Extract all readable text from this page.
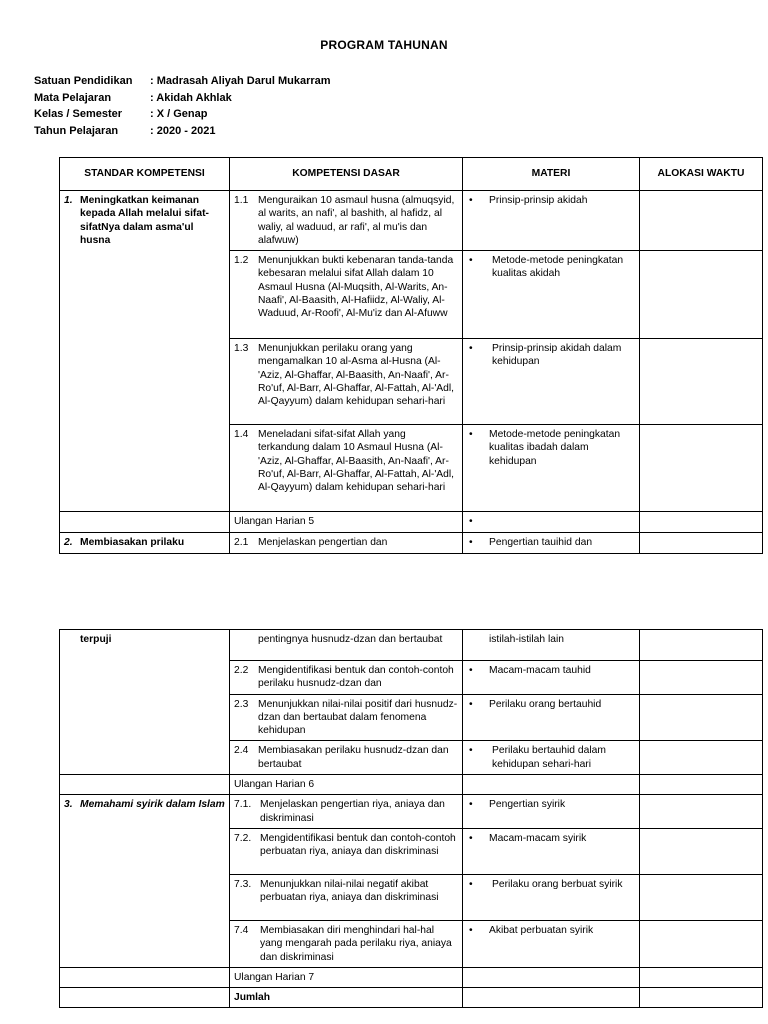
PROGRAM TAHUNAN
Satuan Pendidikan	: Madrasah Aliyah Darul Mukarram
Mata Pelajaran	: Akidah Akhlak
Kelas / Semester	: X / Genap
Tahun Pelajaran	: 2020 - 2021
STANDAR KOMPETENSI	KOMPETENSI DASAR	MATERI	ALOKASI WAKTU

1. Meningkatkan keimanan kepada Allah melalui sifat-sifatNya dalam asma'ul husna	1.1 Menguraikan 10 asmaul husna (almuqsyid, al warits, an nafi', al bashith, al hafidz, al waliy, al waduud, ar rafi', al mu'is dan alafwuw)	• Prinsip-prinsip akidah	

	1.2 Menunjukkan bukti kebenaran tanda-tanda kebesaran melalui sifat Allah dalam 10 Asmaul Husna (Al-Muqsith, Al-Warits, An-Naafi', Al-Baasith, Al-Hafiidz, Al-Waliy, Al-Waduud, Ar-Roofi', Al-Mu'iz dan Al-Afuww	• Metode-metode peningkatan kualitas akidah	

	1.3 Menunjukkan perilaku orang yang mengamalkan 10 al-Asma al-Husna (Al-'Aziz, Al-Ghaffar, Al-Baasith, An-Naafi', Ar-Ro'uf, Al-Barr, Al-Ghaffar, Al-Fattah, Al-'Adl, Al-Qayyum) dalam kehidupan sehari-hari	• Prinsip-prinsip akidah dalam kehidupan	

	1.4 Meneladani sifat-sifat Allah yang terkandung dalam 10 Asmaul Husna (Al-'Aziz, Al-Ghaffar, Al-Baasith, An-Naafi', Ar-Ro'uf, Al-Barr, Al-Ghaffar, Al-Fattah, Al-'Adl, Al-Qayyum) dalam kehidupan sehari-hari	• Metode-metode peningkatan kualitas ibadah dalam kehidupan	

	Ulangan Harian 5	•	

2. Membiasakan prilaku	2.1 Menjelaskan pengertian dan	• Pengertian tauihid dan	

terpuji	pentingnya husnudz-dzan dan bertaubat	istilah-istilah lain	

	2.2 Mengidentifikasi bentuk dan contoh-contoh perilaku husnudz-dzan dan	• Macam-macam tauhid	

	2.3 Menunjukkan nilai-nilai positif dari husnudz-dzan dan bertaubat dalam fenomena kehidupan	• Perilaku orang bertauhid	

	2.4 Membiasakan perilaku husnudz-dzan dan bertaubat	• Perilaku bertauhid dalam kehidupan sehari-hari	

	Ulangan Harian 6		

3. Memahami syirik dalam Islam	7.1. Menjelaskan pengertian riya, aniaya dan diskriminasi	• Pengertian syirik	

	7.2. Mengidentifikasi bentuk dan contoh-contoh perbuatan riya, aniaya dan diskriminasi	• Macam-macam syirik	

	7.3. Menunjukkan nilai-nilai negatif akibat perbuatan riya, aniaya dan diskriminasi	• Perilaku orang berbuat syirik	

	7.4 Membiasakan diri menghindari hal-hal yang mengarah pada perilaku riya, aniaya dan diskriminasi	• Akibat perbuatan syirik	

	Ulangan Harian 7		
	Jumlah		
